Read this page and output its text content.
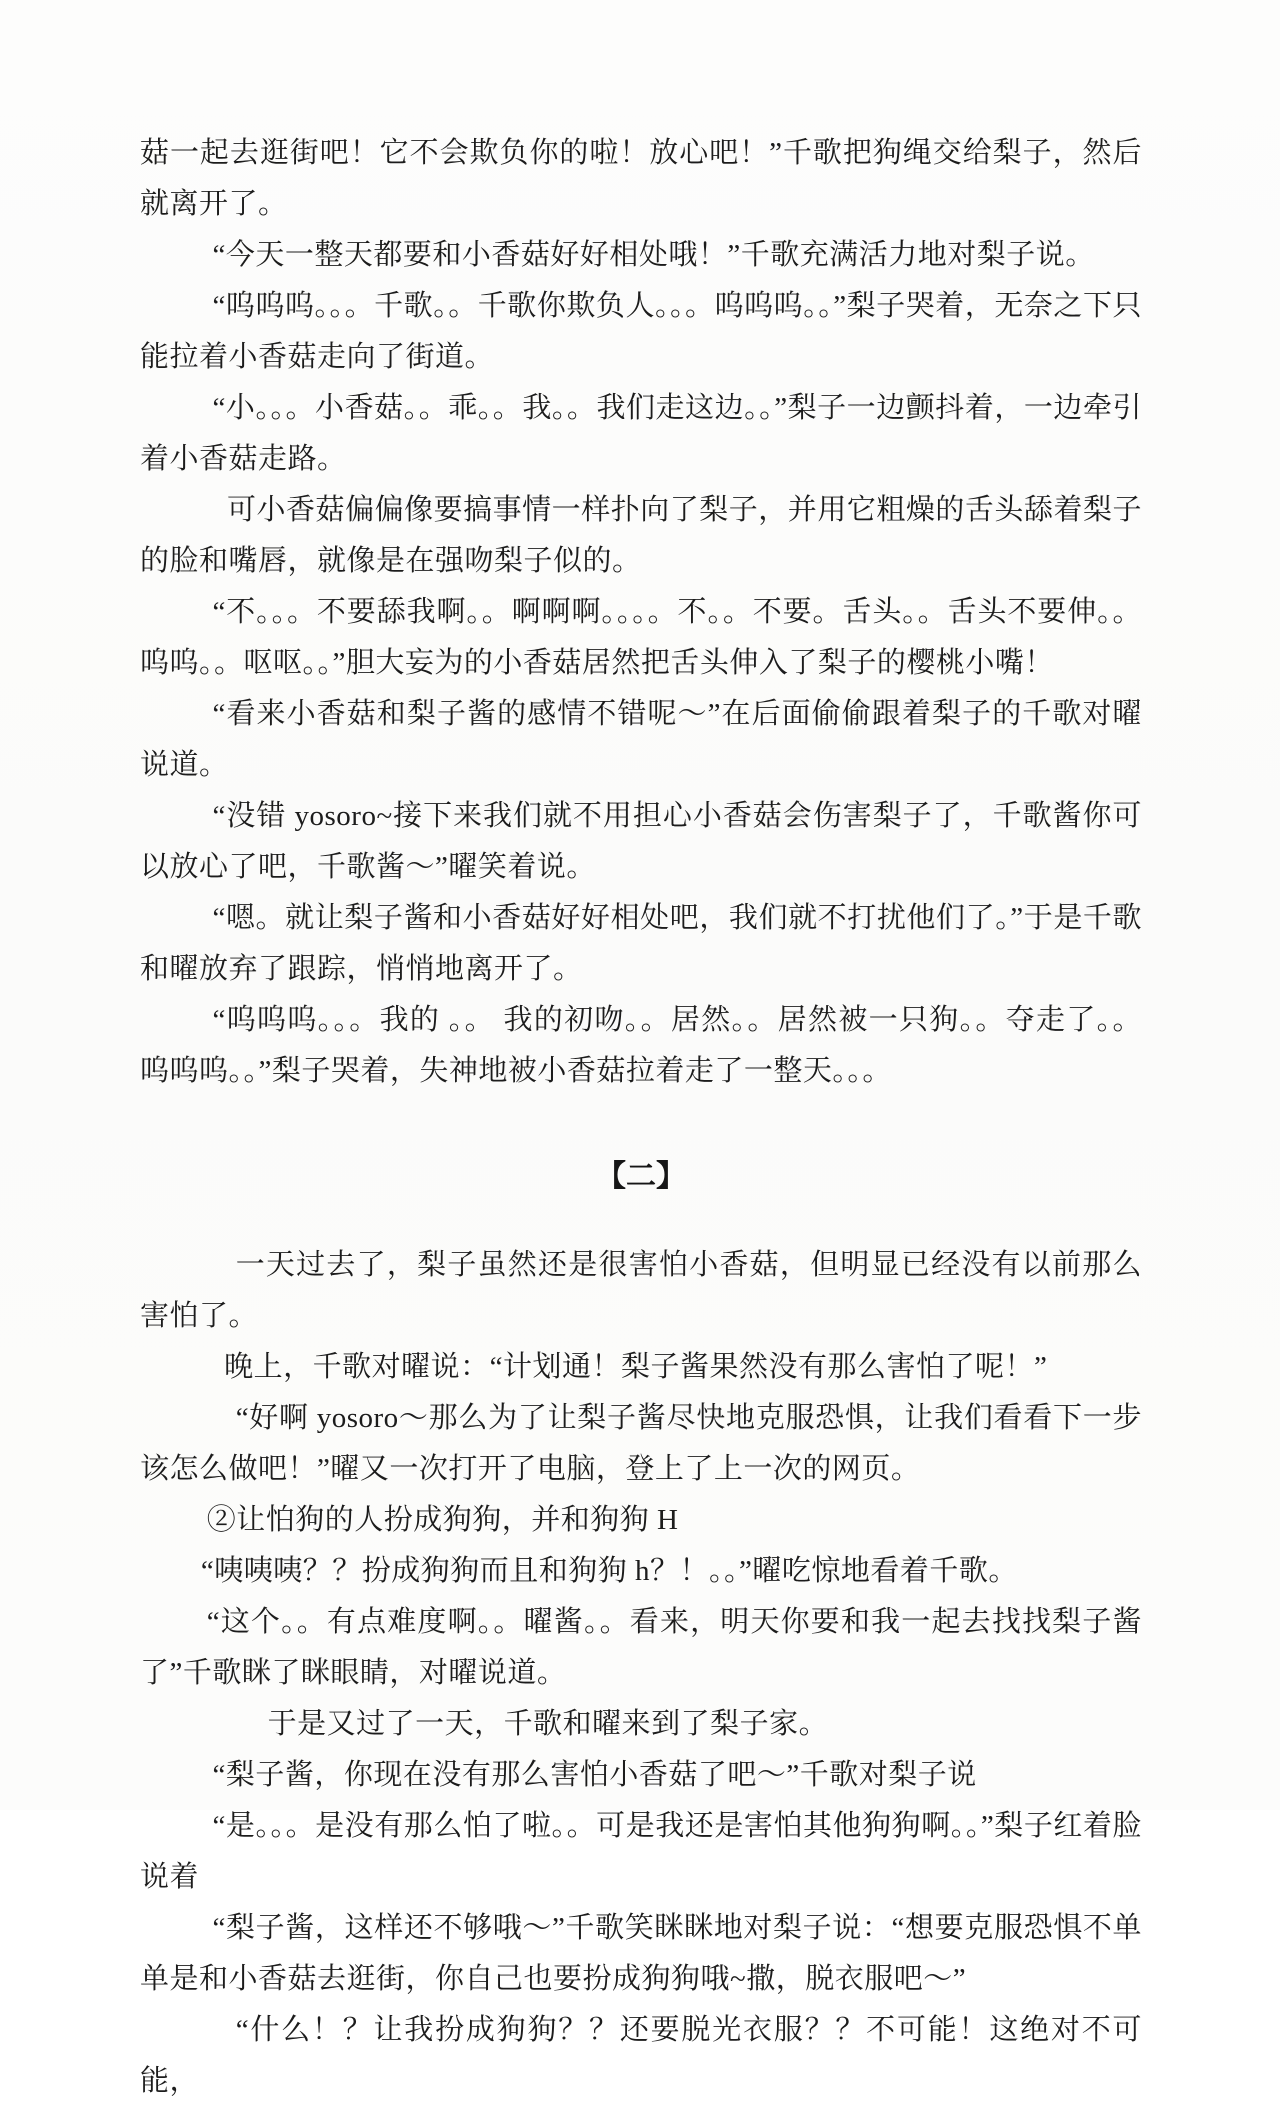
菇一起去逛街吧！它不会欺负你的啦！放心吧！”千歌把狗绳交给梨子，然后就离开了。

“今天一整天都要和小香菇好好相处哦！”千歌充满活力地对梨子说。

“呜呜呜。。。千歌。。千歌你欺负人。。。呜呜呜。。”梨子哭着，无奈之下只能拉着小香菇走向了街道。

“小。。。小香菇。。乖。。我。。我们走这边。。”梨子一边颤抖着，一边牵引着小香菇走路。

可小香菇偏偏像要搞事情一样扑向了梨子，并用它粗燥的舌头舔着梨子的脸和嘴唇，就像是在强吻梨子似的。

“不。。。不要舔我啊。。啊啊啊。。。。不。。不要。舌头。。舌头不要伸。。呜呜。。呕呕。。”胆大妄为的小香菇居然把舌头伸入了梨子的樱桃小嘴！

“看来小香菇和梨子酱的感情不错呢～”在后面偷偷跟着梨子的千歌对曜说道。

“没错 yosoro~接下来我们就不用担心小香菇会伤害梨子了，千歌酱你可以放心了吧，千歌酱～”曜笑着说。

“嗯。就让梨子酱和小香菇好好相处吧，我们就不打扰他们了。”于是千歌和曜放弃了跟踪，悄悄地离开了。

“呜呜呜。。。我的 。。 我的初吻。。居然。。居然被一只狗。。夺走了。。呜呜呜。。”梨子哭着，失神地被小香菇拉着走了一整天。。。

【二】

一天过去了，梨子虽然还是很害怕小香菇，但明显已经没有以前那么害怕了。

晚上，千歌对曜说：“计划通！梨子酱果然没有那么害怕了呢！”

“好啊 yosoro～那么为了让梨子酱尽快地克服恐惧，让我们看看下一步该怎么做吧！”曜又一次打开了电脑，登上了上一次的网页。

②让怕狗的人扮成狗狗，并和狗狗 H

“咦咦咦？？扮成狗狗而且和狗狗 h？！。。”曜吃惊地看着千歌。

“这个。。有点难度啊。。曜酱。。看来，明天你要和我一起去找找梨子酱了”千歌眯了眯眼睛，对曜说道。

于是又过了一天，千歌和曜来到了梨子家。

“梨子酱，你现在没有那么害怕小香菇了吧～”千歌对梨子说

“是。。。是没有那么怕了啦。。可是我还是害怕其他狗狗啊。。”梨子红着脸说着

“梨子酱，这样还不够哦～”千歌笑眯眯地对梨子说：“想要克服恐惧不单单是和小香菇去逛街，你自己也要扮成狗狗哦~撒，脱衣服吧～”

“什么！？让我扮成狗狗？？还要脱光衣服？？不可能！这绝对不可能，
